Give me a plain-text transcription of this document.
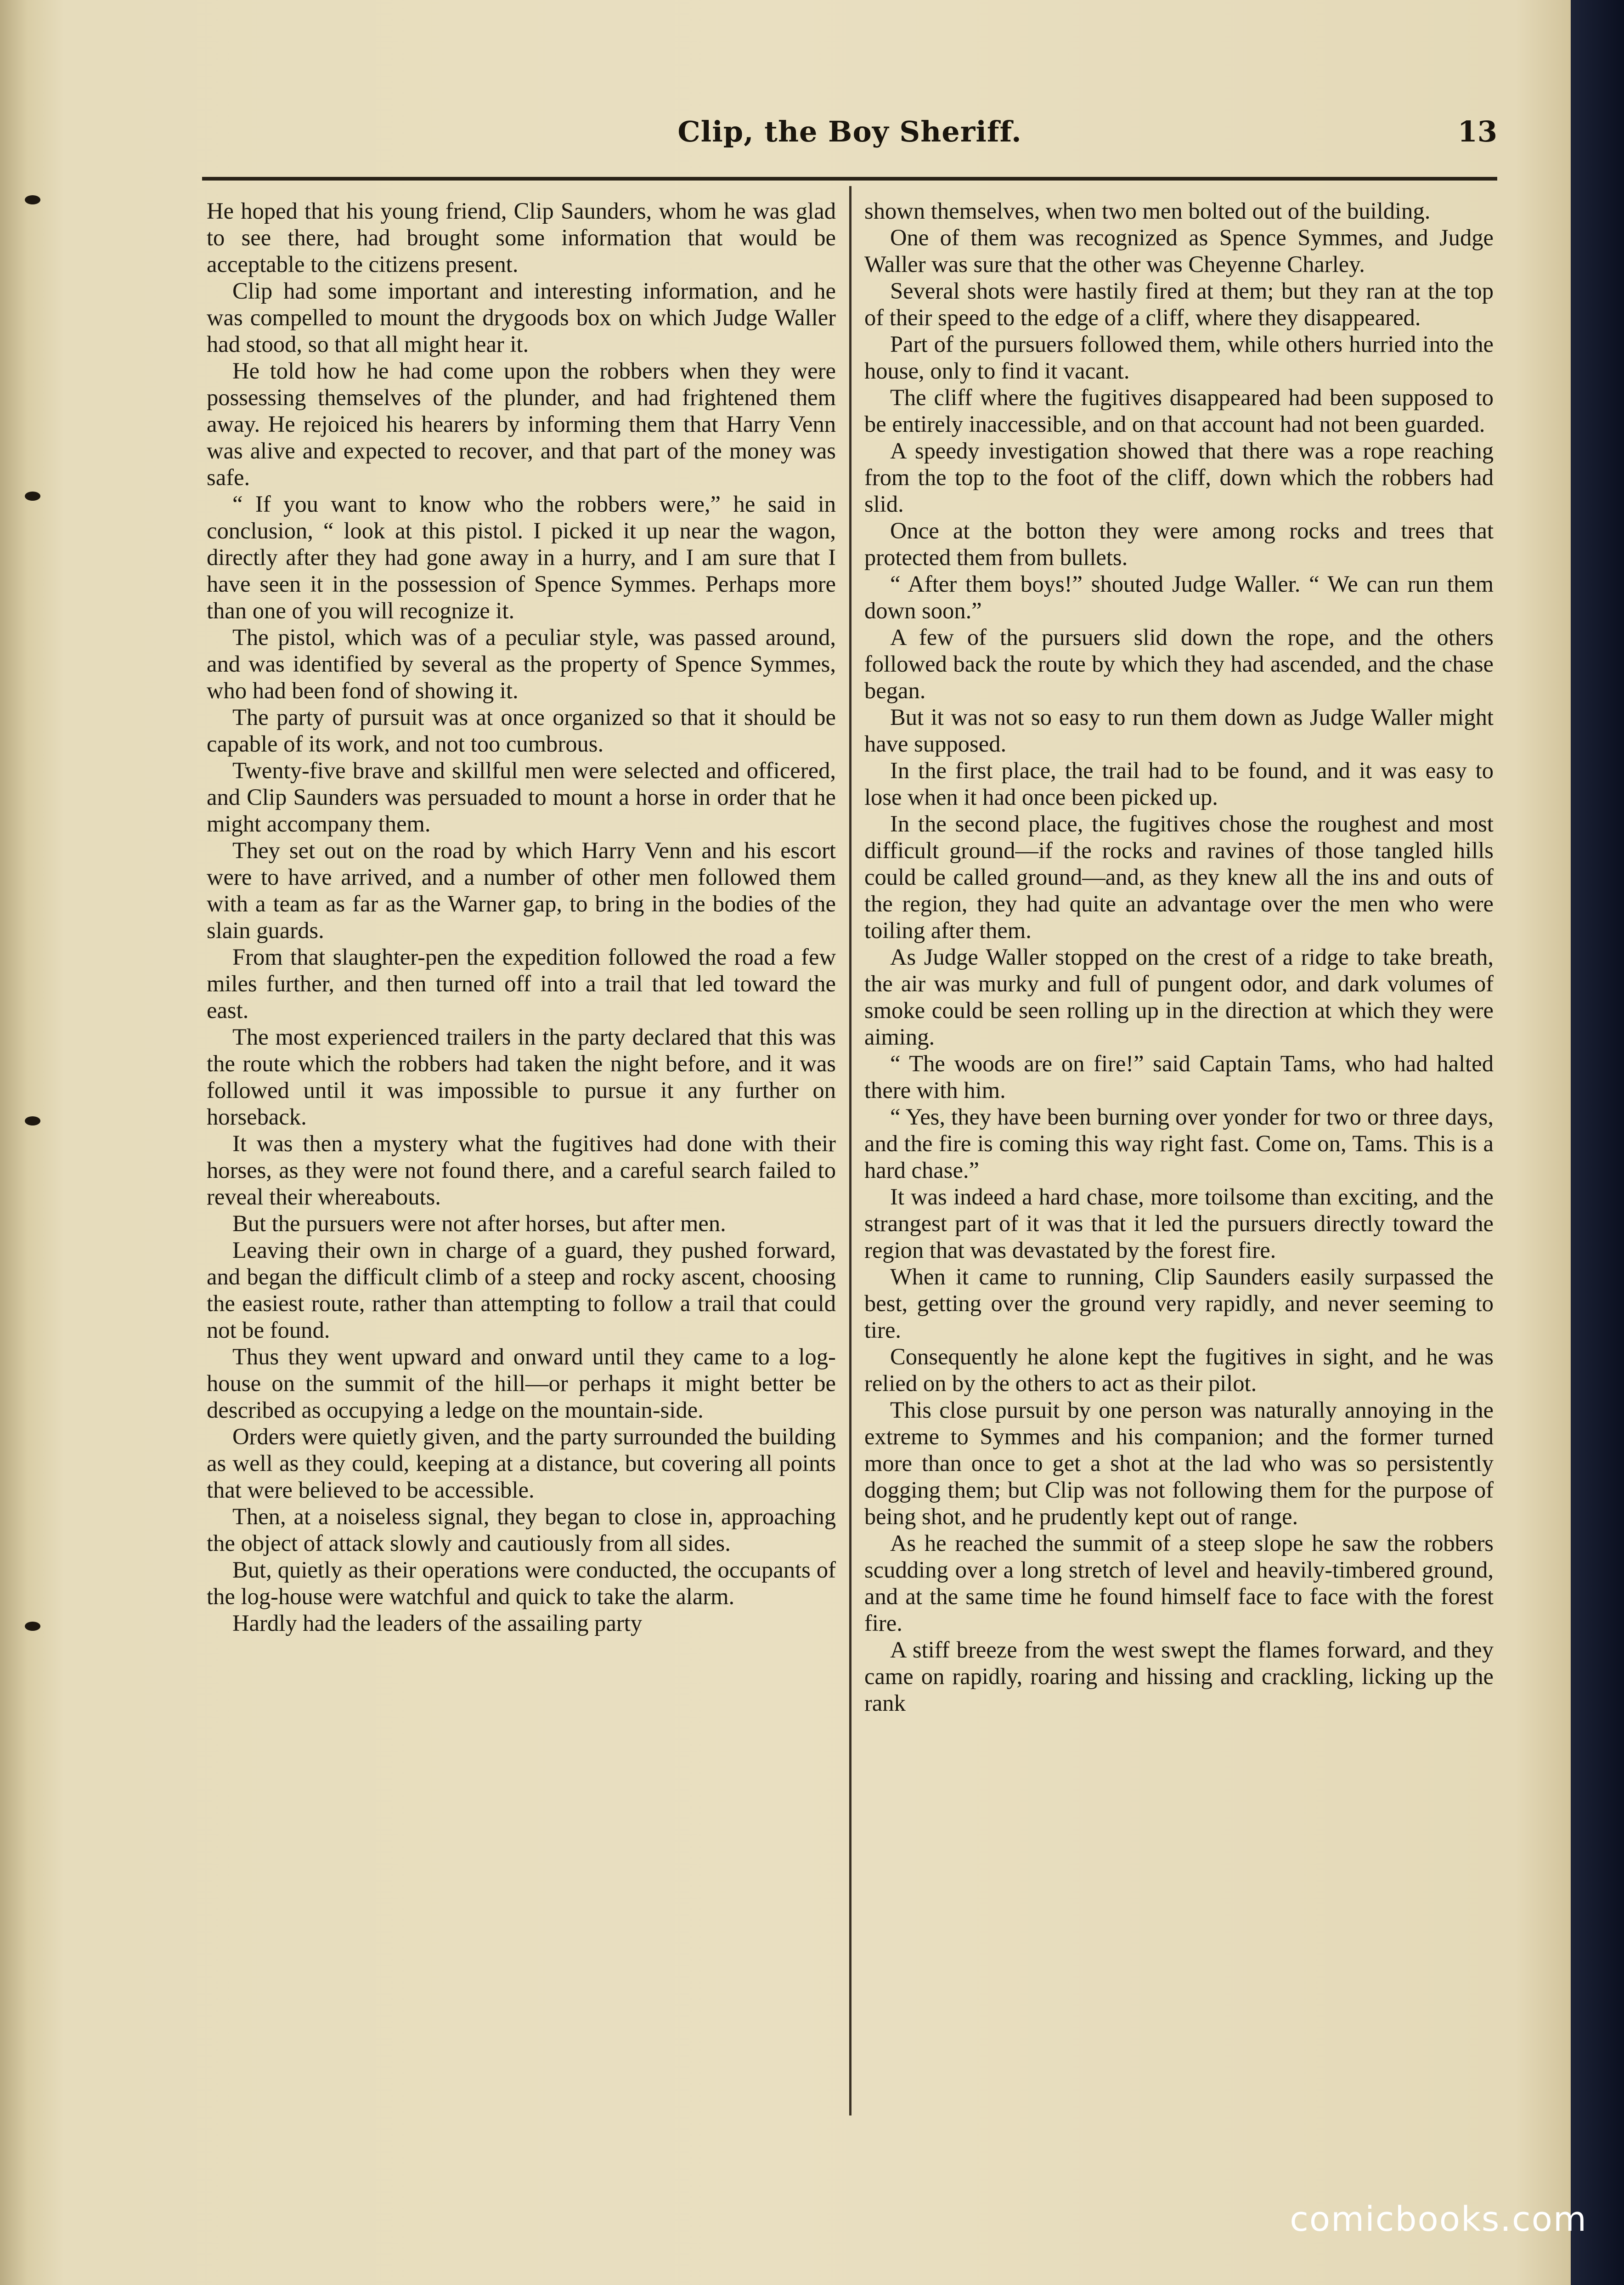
Clip, the Boy Sheriff.	13

He hoped that his young friend, Clip Saunders, whom he was glad to see there, had brought some information that would be acceptable to the citizens present.

Clip had some important and interesting information, and he was compelled to mount the drygoods box on which Judge Waller had stood, so that all might hear it.

He told how he had come upon the robbers when they were possessing themselves of the plunder, and had frightened them away. He rejoiced his hearers by informing them that Harry Venn was alive and expected to recover, and that part of the money was safe.

“ If you want to know who the robbers were,” he said in conclusion, “ look at this pistol. I picked it up near the wagon, directly after they had gone away in a hurry, and I am sure that I have seen it in the possession of Spence Symmes. Perhaps more than one of you will recognize it.

The pistol, which was of a peculiar style, was passed around, and was identified by several as the property of Spence Symmes, who had been fond of showing it.

The party of pursuit was at once organized so that it should be capable of its work, and not too cumbrous.

Twenty-five brave and skillful men were selected and officered, and Clip Saunders was persuaded to mount a horse in order that he might accompany them.

They set out on the road by which Harry Venn and his escort were to have arrived, and a number of other men followed them with a team as far as the Warner gap, to bring in the bodies of the slain guards.

From that slaughter-pen the expedition followed the road a few miles further, and then turned off into a trail that led toward the east.

The most experienced trailers in the party declared that this was the route which the robbers had taken the night before, and it was followed until it was impossible to pursue it any further on horseback.

It was then a mystery what the fugitives had done with their horses, as they were not found there, and a careful search failed to reveal their whereabouts.

But the pursuers were not after horses, but after men.

Leaving their own in charge of a guard, they pushed forward, and began the difficult climb of a steep and rocky ascent, choosing the easiest route, rather than attempting to follow a trail that could not be found.

Thus they went upward and onward until they came to a log-house on the summit of the hill—or perhaps it might better be described as occupying a ledge on the mountain-side.

Orders were quietly given, and the party surrounded the building as well as they could, keeping at a distance, but covering all points that were believed to be accessible.

Then, at a noiseless signal, they began to close in, approaching the object of attack slowly and cautiously from all sides.

But, quietly as their operations were conducted, the occupants of the log-house were watchful and quick to take the alarm.

Hardly had the leaders of the assailing party

shown themselves, when two men bolted out of the building.

One of them was recognized as Spence Symmes, and Judge Waller was sure that the other was Cheyenne Charley.

Several shots were hastily fired at them; but they ran at the top of their speed to the edge of a cliff, where they disappeared.

Part of the pursuers followed them, while others hurried into the house, only to find it vacant.

The cliff where the fugitives disappeared had been supposed to be entirely inaccessible, and on that account had not been guarded.

A speedy investigation showed that there was a rope reaching from the top to the foot of the cliff, down which the robbers had slid.

Once at the botton they were among rocks and trees that protected them from bullets.

“ After them boys!” shouted Judge Waller. “ We can run them down soon.”

A few of the pursuers slid down the rope, and the others followed back the route by which they had ascended, and the chase began.

But it was not so easy to run them down as Judge Waller might have supposed.

In the first place, the trail had to be found, and it was easy to lose when it had once been picked up.

In the second place, the fugitives chose the roughest and most difficult ground—if the rocks and ravines of those tangled hills could be called ground—and, as they knew all the ins and outs of the region, they had quite an advantage over the men who were toiling after them.

As Judge Waller stopped on the crest of a ridge to take breath, the air was murky and full of pungent odor, and dark volumes of smoke could be seen rolling up in the direction at which they were aiming.

“ The woods are on fire!” said Captain Tams, who had halted there with him.

“ Yes, they have been burning over yonder for two or three days, and the fire is coming this way right fast. Come on, Tams. This is a hard chase.”

It was indeed a hard chase, more toilsome than exciting, and the strangest part of it was that it led the pursuers directly toward the region that was devastated by the forest fire.

When it came to running, Clip Saunders easily surpassed the best, getting over the ground very rapidly, and never seeming to tire.

Consequently he alone kept the fugitives in sight, and he was relied on by the others to act as their pilot.

This close pursuit by one person was naturally annoying in the extreme to Symmes and his companion; and the former turned more than once to get a shot at the lad who was so persistently dogging them; but Clip was not following them for the purpose of being shot, and he prudently kept out of range.

As he reached the summit of a steep slope he saw the robbers scudding over a long stretch of level and heavily-timbered ground, and at the same time he found himself face to face with the forest fire.

A stiff breeze from the west swept the flames forward, and they came on rapidly, roaring and hissing and crackling, licking up the rank

comicbooks.com
